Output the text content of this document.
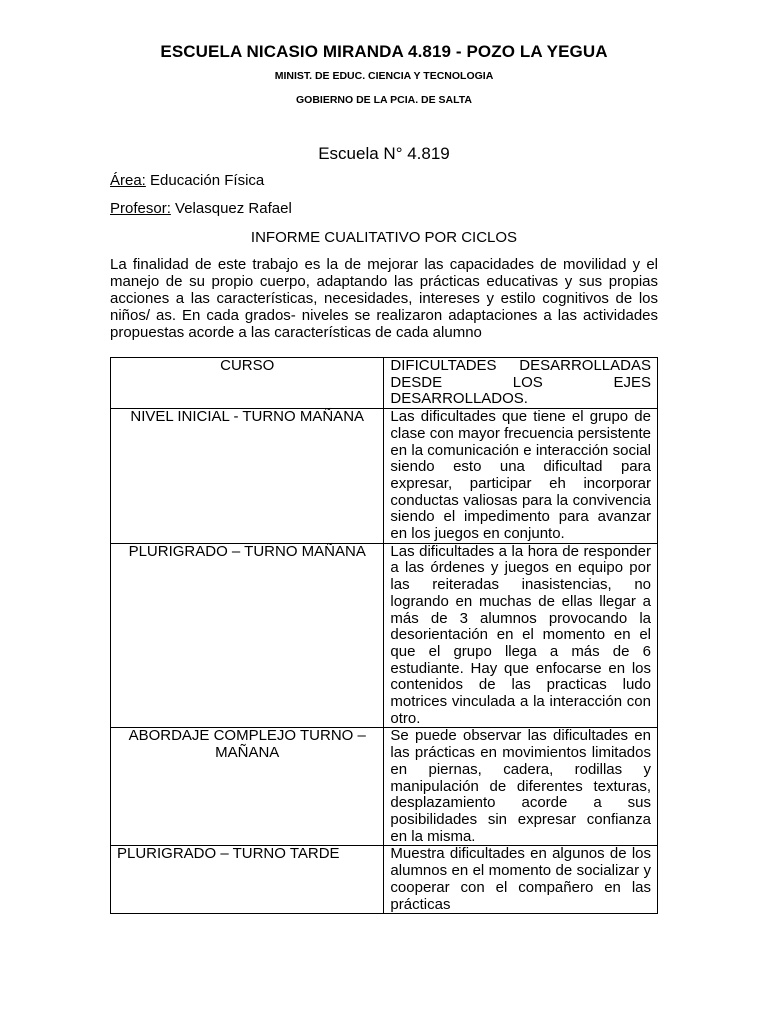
ESCUELA NICASIO MIRANDA 4.819 - POZO LA YEGUA
MINIST. DE EDUC. CIENCIA Y TECNOLOGIA
GOBIERNO DE LA PCIA. DE SALTA
Escuela N° 4.819
Área: Educación Física
Profesor: Velasquez Rafael
INFORME CUALITATIVO POR CICLOS

La finalidad de este trabajo es la de mejorar las capacidades de movilidad y el manejo de su propio cuerpo, adaptando las prácticas educativas y sus propias acciones a las características, necesidades, intereses y estilo cognitivos de los niños/ as. En cada grados- niveles se realizaron adaptaciones a las actividades propuestas acorde a las características de cada alumno

CURSO	DIFICULTADES DESARROLLADAS DESDE LOS EJES DESARROLLADOS.
NIVEL INICIAL - TURNO MAÑANA	Las dificultades que tiene el grupo de clase con mayor frecuencia persistente en la comunicación e interacción social siendo esto una dificultad para expresar, participar eh incorporar conductas valiosas para la convivencia siendo el impedimento para avanzar en los juegos en conjunto.
PLURIGRADO – TURNO MAÑANA	Las dificultades a la hora de responder a las órdenes y juegos en equipo por las reiteradas inasistencias, no logrando en muchas de ellas llegar a más de 3 alumnos provocando la desorientación en el momento en el que el grupo llega a más de 6 estudiante. Hay que enfocarse en los contenidos de las practicas ludo motrices vinculada a la interacción con otro.
ABORDAJE COMPLEJO TURNO – MAÑANA	Se puede observar las dificultades en las prácticas en movimientos limitados en piernas, cadera, rodillas y manipulación de diferentes texturas, desplazamiento acorde a sus posibilidades sin expresar confianza en la misma.
PLURIGRADO – TURNO TARDE	Muestra dificultades en algunos de los alumnos en el momento de socializar y cooperar con el compañero en las prácticas
